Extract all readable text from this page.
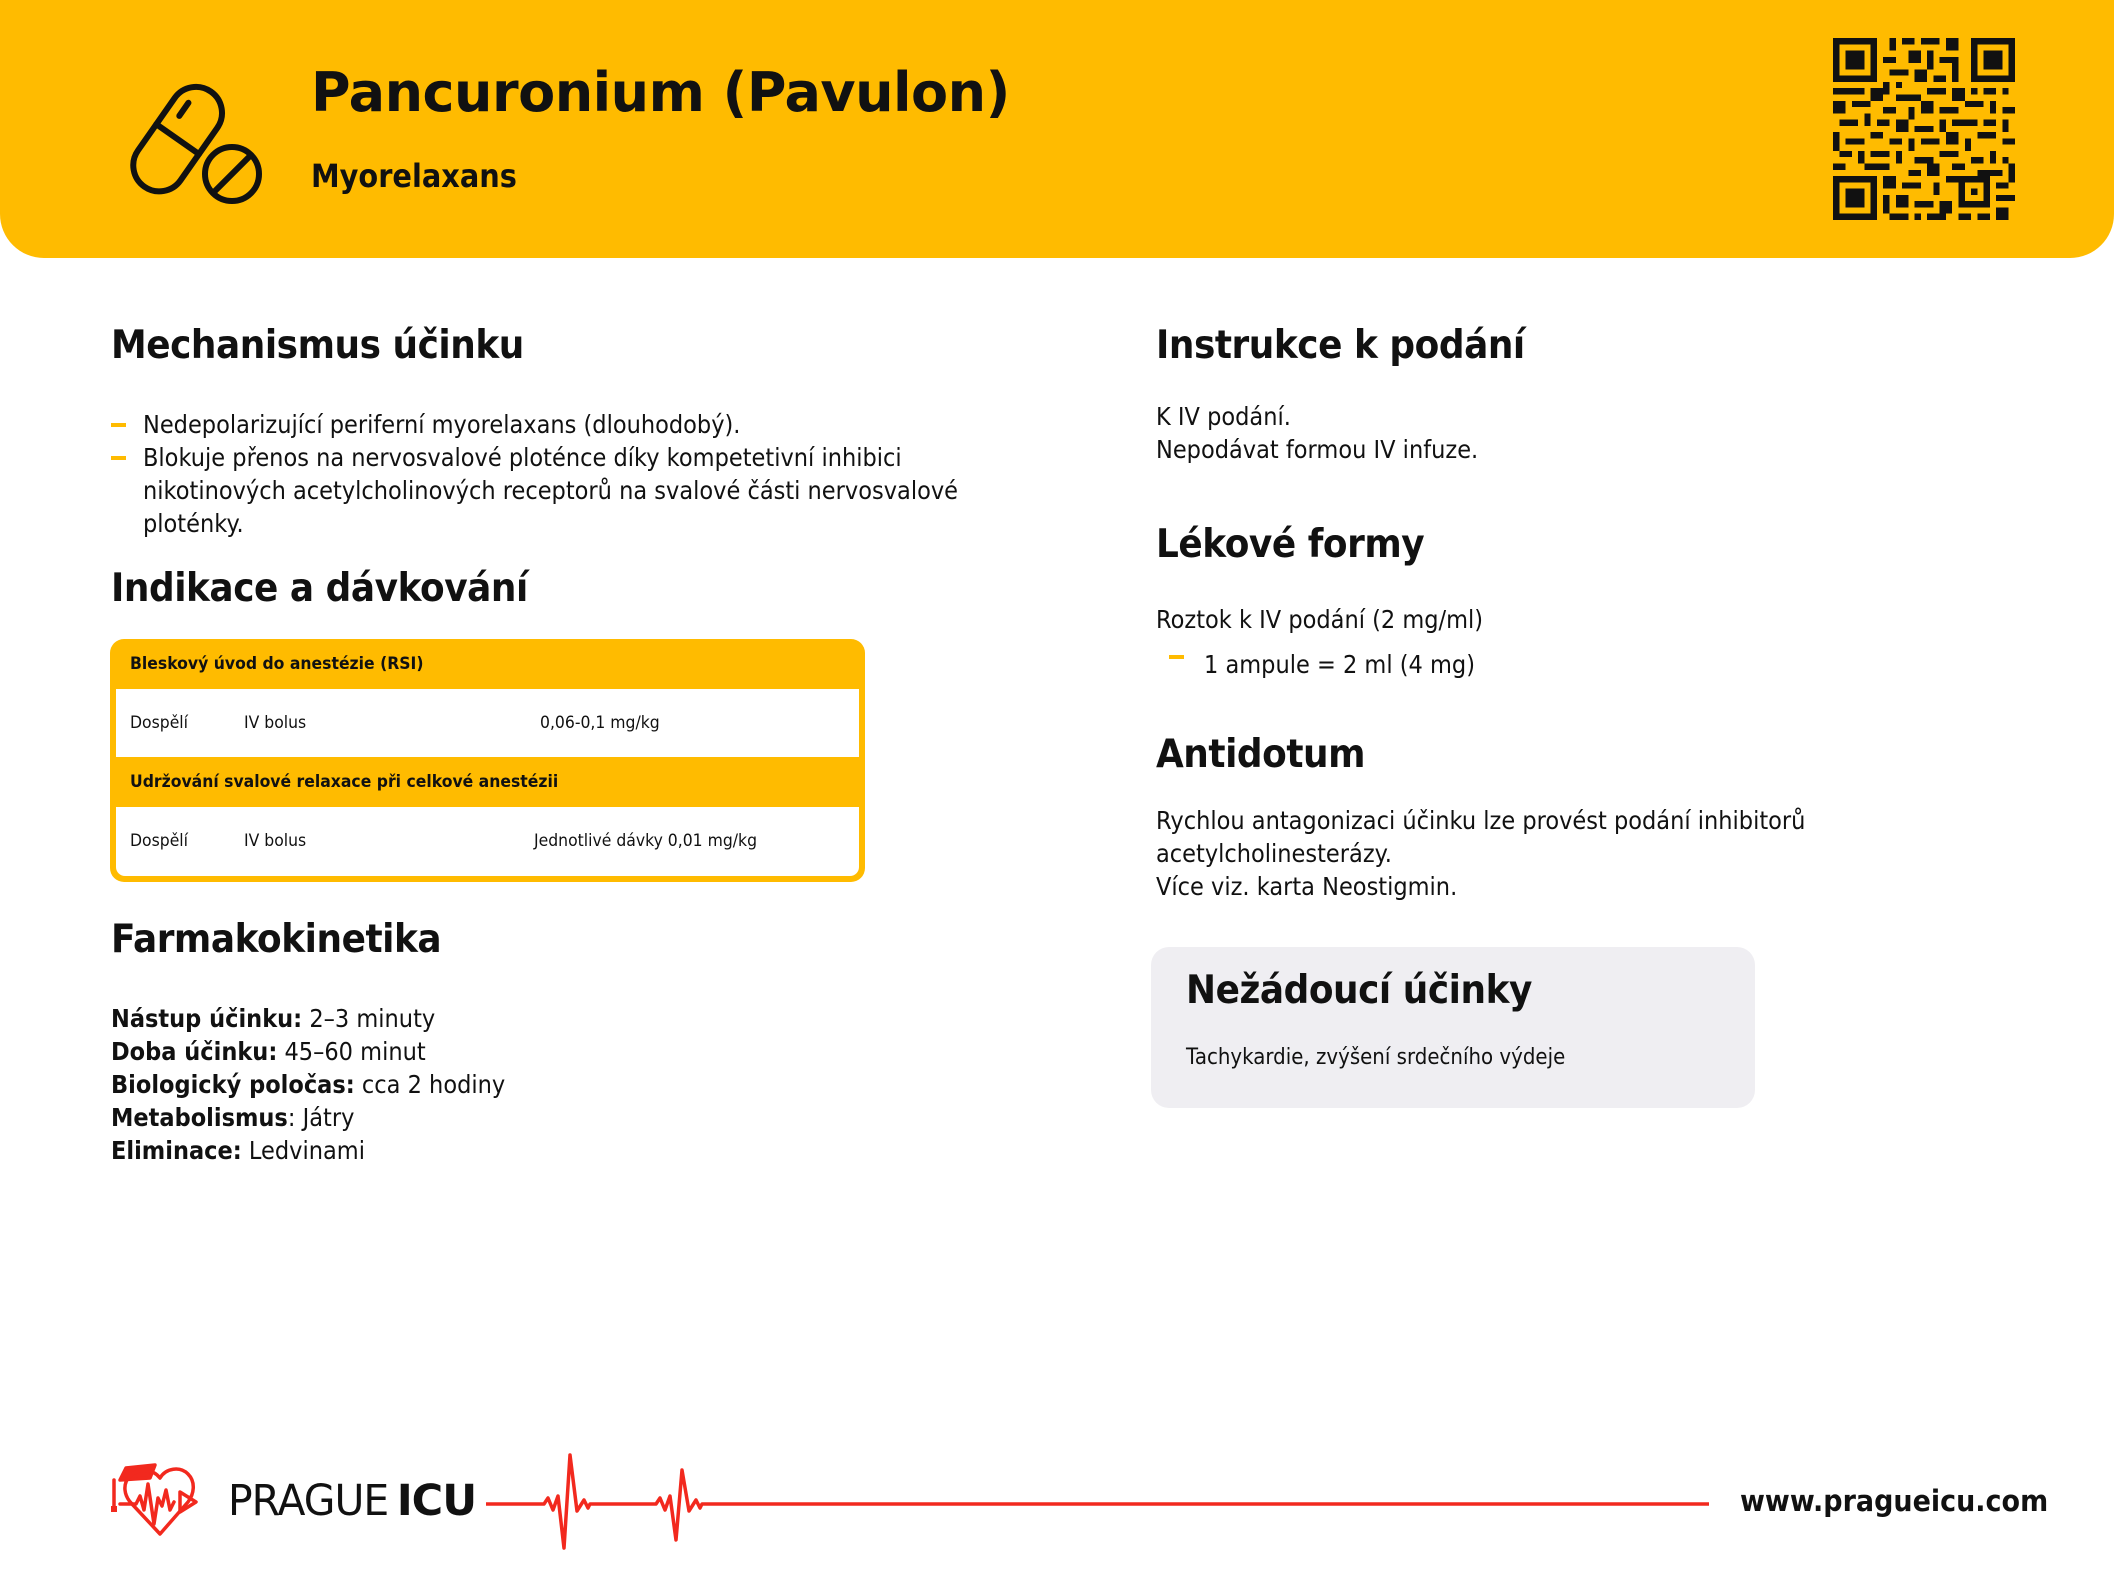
Pancuronium (Pavulon)
Myorelaxans
Mechanismus účinku
Nedepolarizující periferní myorelaxans (dlouhodobý).
Blokuje přenos na nervosvalové ploténce díky kompetetivní inhibici
nikotinových acetylcholinových receptorů na svalové části nervosvalové
ploténky.
Indikace a dávkování
Bleskový úvod do anestézie (RSI)
Dospělí	IV bolus	0,06-0,1 mg/kg
Udržování svalové relaxace při celkové anestézii
Dospělí	IV bolus	Jednotlivé dávky 0,01 mg/kg
Farmakokinetika
Nástup účinku: 2–3 minuty
Doba účinku: 45–60 minut
Biologický poločas: cca 2 hodiny
Metabolismus: Játry
Eliminace: Ledvinami
Instrukce k podání
K IV podání.
Nepodávat formou IV infuze.
Lékové formy
Roztok k IV podání (2 mg/ml)
1 ampule = 2 ml (4 mg)
Antidotum
Rychlou antagonizaci účinku lze provést podání inhibitorů
acetylcholinesterázy.
Více viz. karta Neostigmin.
Nežádoucí účinky
Tachykardie, zvýšení srdečního výdeje
PRAGUEICU	www.pragueicu.com
